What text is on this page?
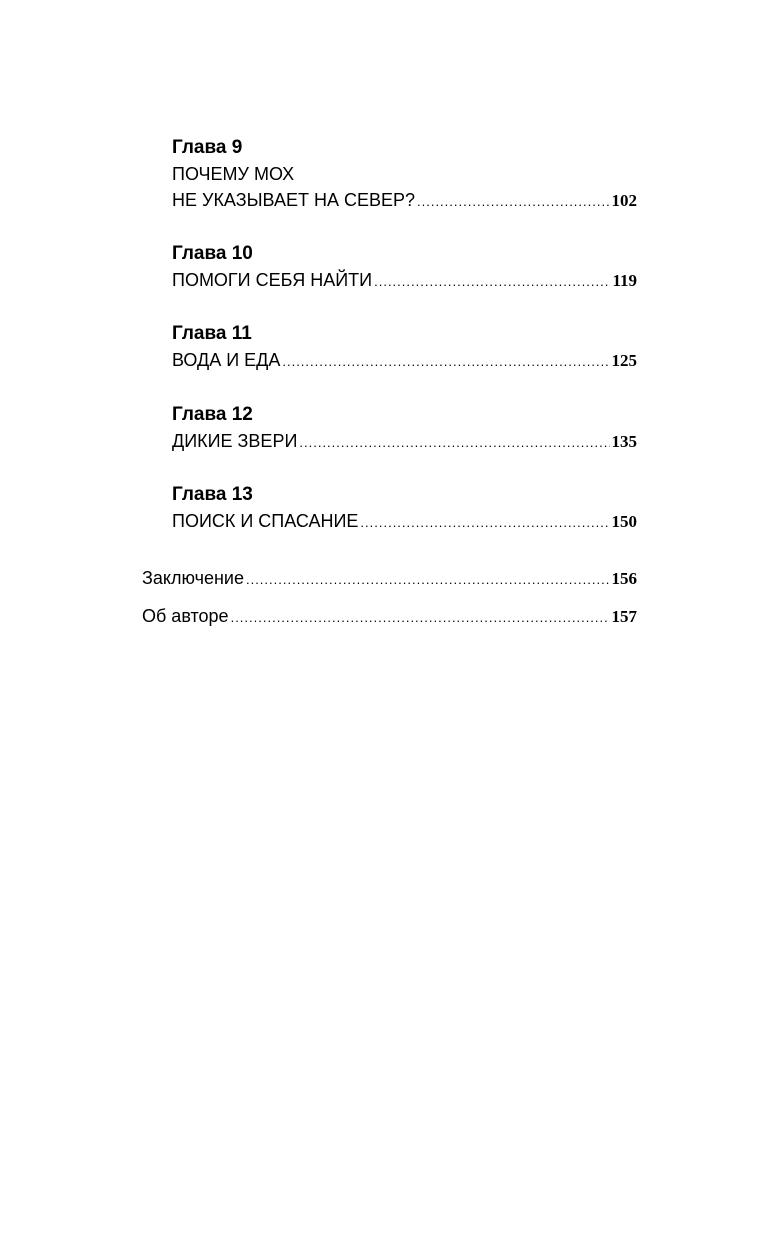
Глава 9
ПОЧЕМУ МОХ
НЕ УКАЗЫВАЕТ НА СЕВЕР? .....	102
Глава 10
ПОМОГИ СЕБЯ НАЙТИ .....	119
Глава 11
ВОДА И ЕДА .....	125
Глава 12
ДИКИЕ ЗВЕРИ .....	135
Глава 13
ПОИСК И СПАСАНИЕ .....	150
Заключение .....	156
Об авторе .....	157
